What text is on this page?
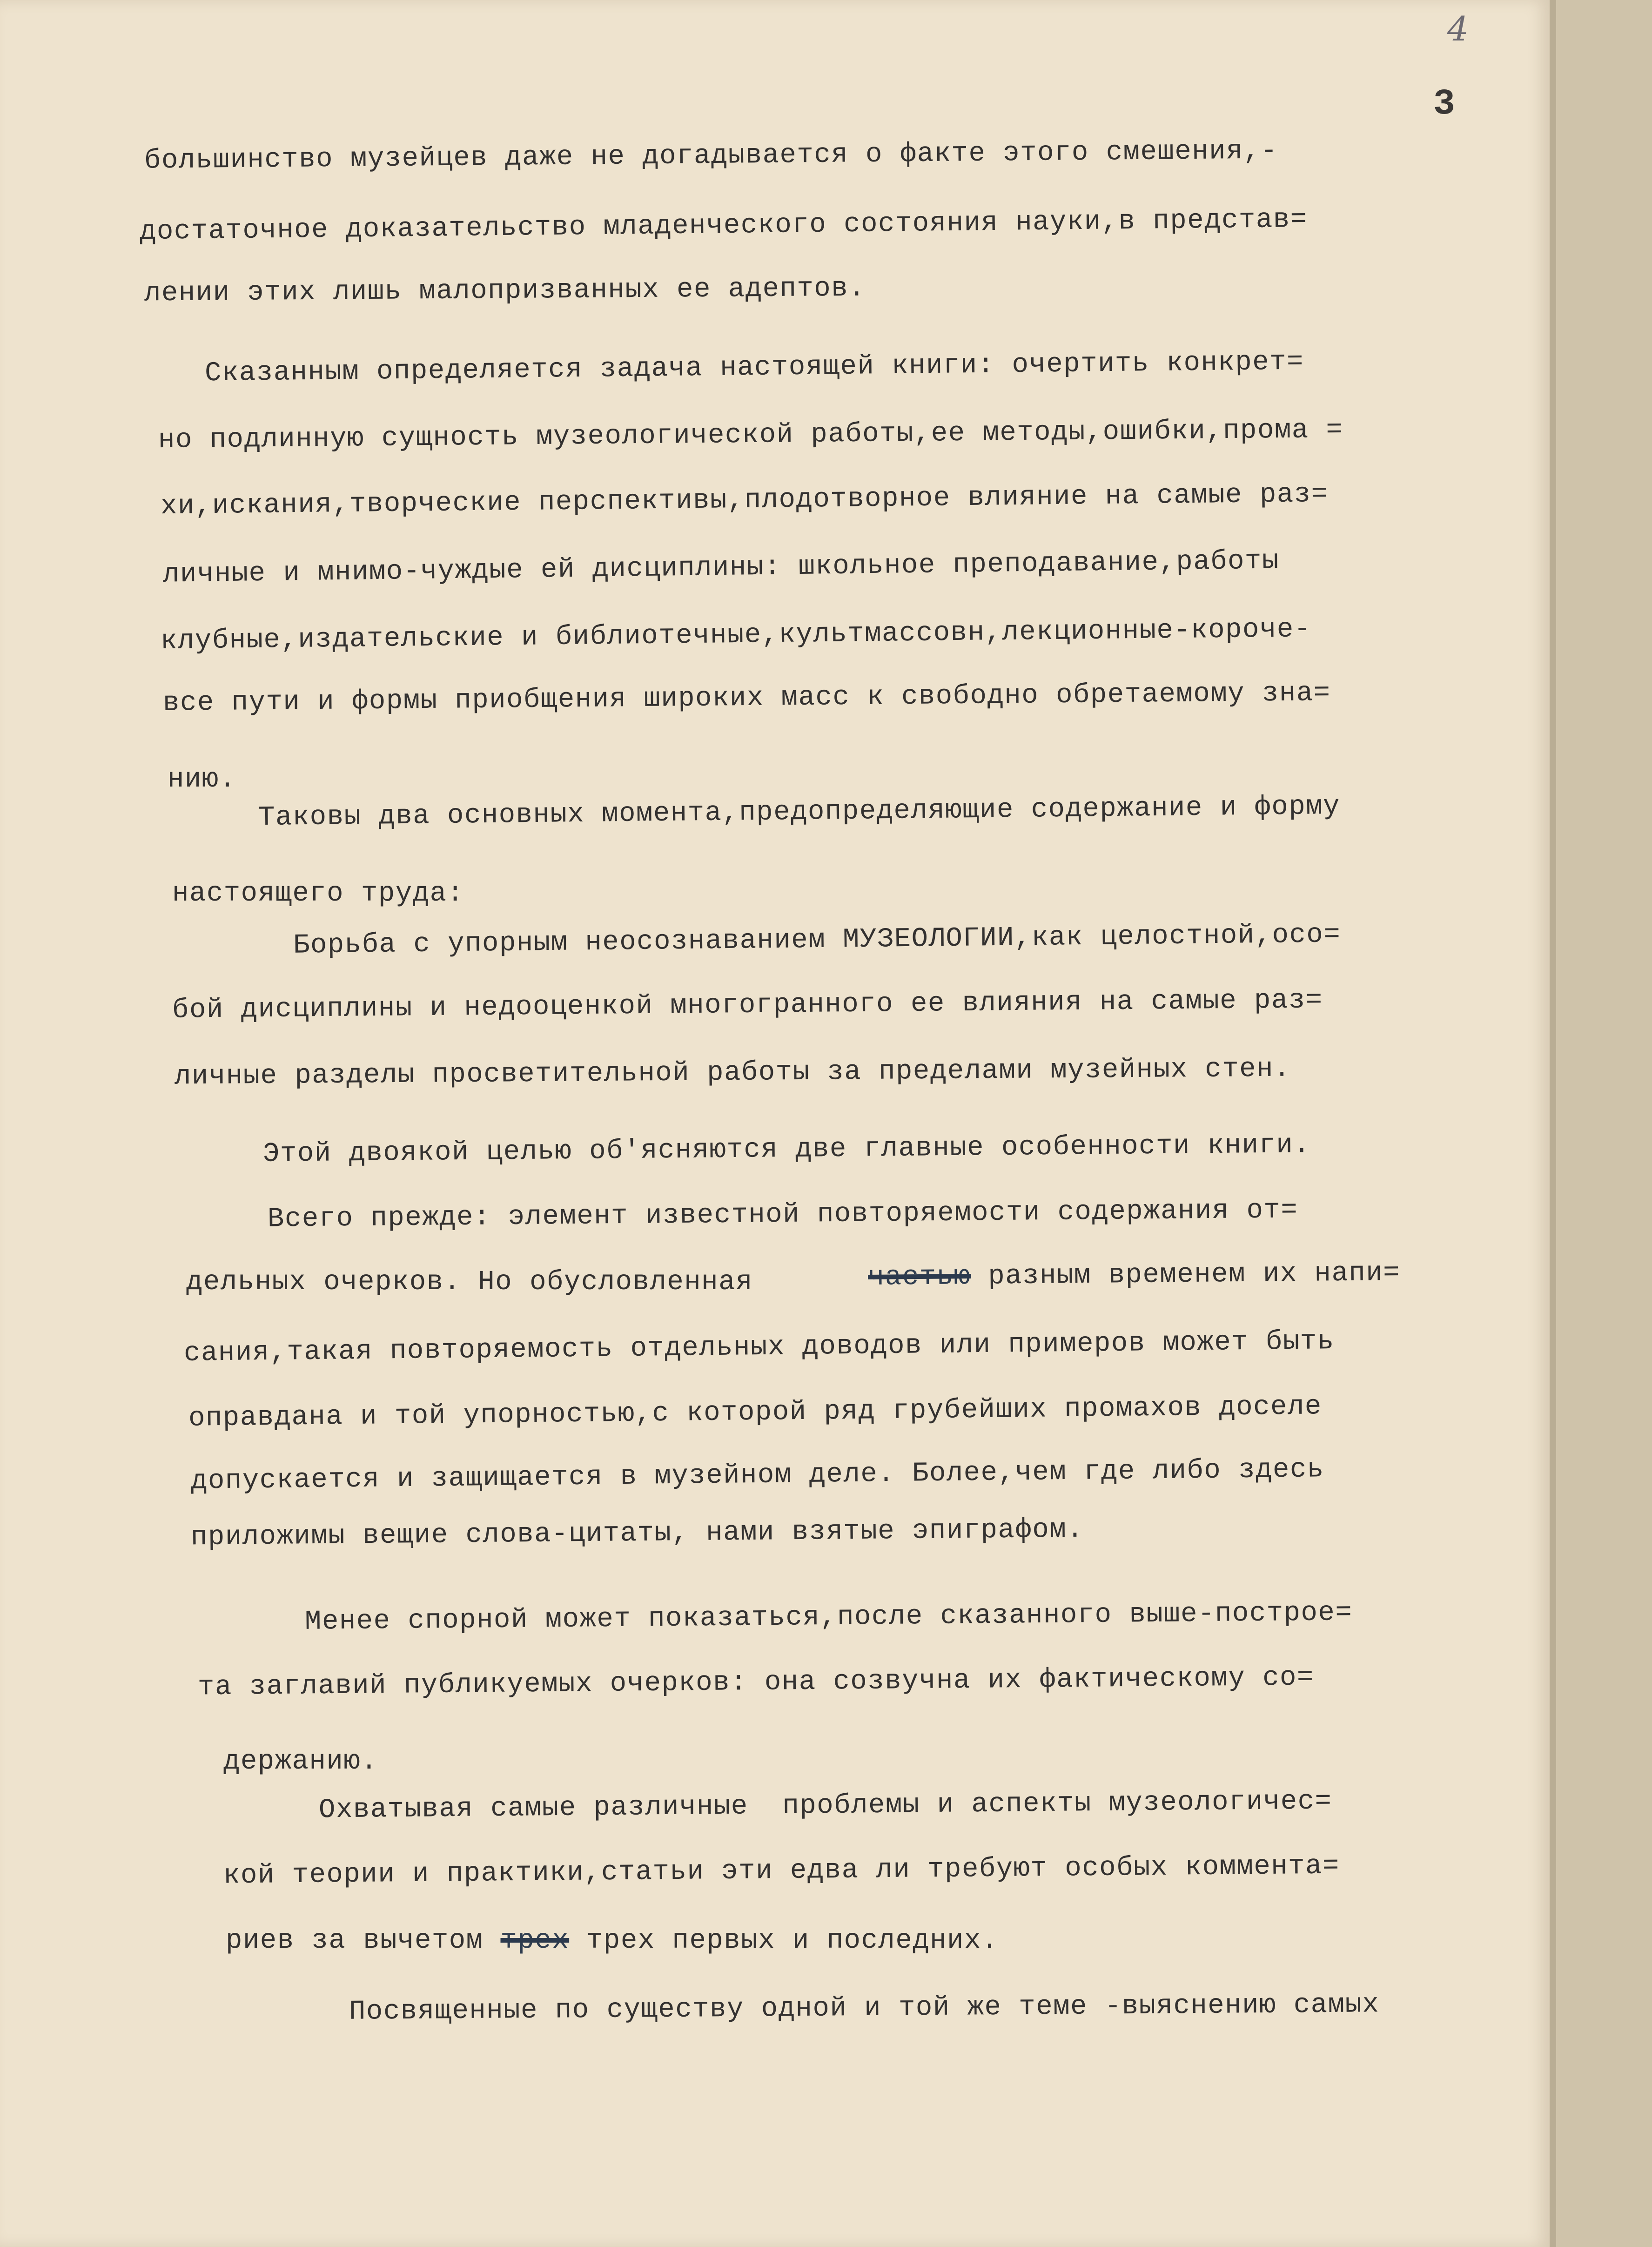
4
3
большинство музейцев даже не догадывается о факте этого смешения,-
достаточное доказательство младенческого состояния науки,в представ=
лении этих лишь малопризванных ее адептов.
Сказанным определяется задача настоящей книги: очертить конкрет=
но подлинную сущность музеологической работы,ее методы,ошибки,прома =
хи,искания,творческие перспективы,плодотворное влияние на самые раз=
личные и мнимо-чуждые ей дисциплины: школьное преподавание,работы
клубные,издательские и библиотечные,культмассовн,лекционные-короче-
все пути и формы приобщения широких масс к свободно обретаемому зна=
нию.
Таковы два основных момента,предопределяющие содержание и форму
настоящего труда:
Борьба с упорным неосознаванием МУЗЕОЛОГИИ,как целостной,осо=
бой дисциплины и недооценкой многогранного ее влияния на самые раз=
личные разделы просветительной работы за пределами музейных стен.
Этой двоякой целью об'ясняются две главные особенности книги.
Всего прежде: элемент известной повторяемости содержания от=
дельных очерков. Но обусловленная	частью разным временем их напи=
сания,такая повторяемость отдельных доводов или примеров может быть
оправдана и той упорностью,с которой ряд грубейших промахов доселе
допускается и защищается в музейном деле. Более,чем где либо здесь
приложимы вещие слова-цитаты, нами взятые эпиграфом.
Менее спорной может показаться,после сказанного выше-построе=
та заглавий публикуемых очерков: она созвучна их фактическому со=
держанию.
Охватывая самые различные  проблемы и аспекты музеологичес=
кой теории и практики,статьи эти едва ли требуют особых коммента=
риев за вычетом трех трех первых и последних.
Посвященные по существу одной и той же теме -выяснению самых
